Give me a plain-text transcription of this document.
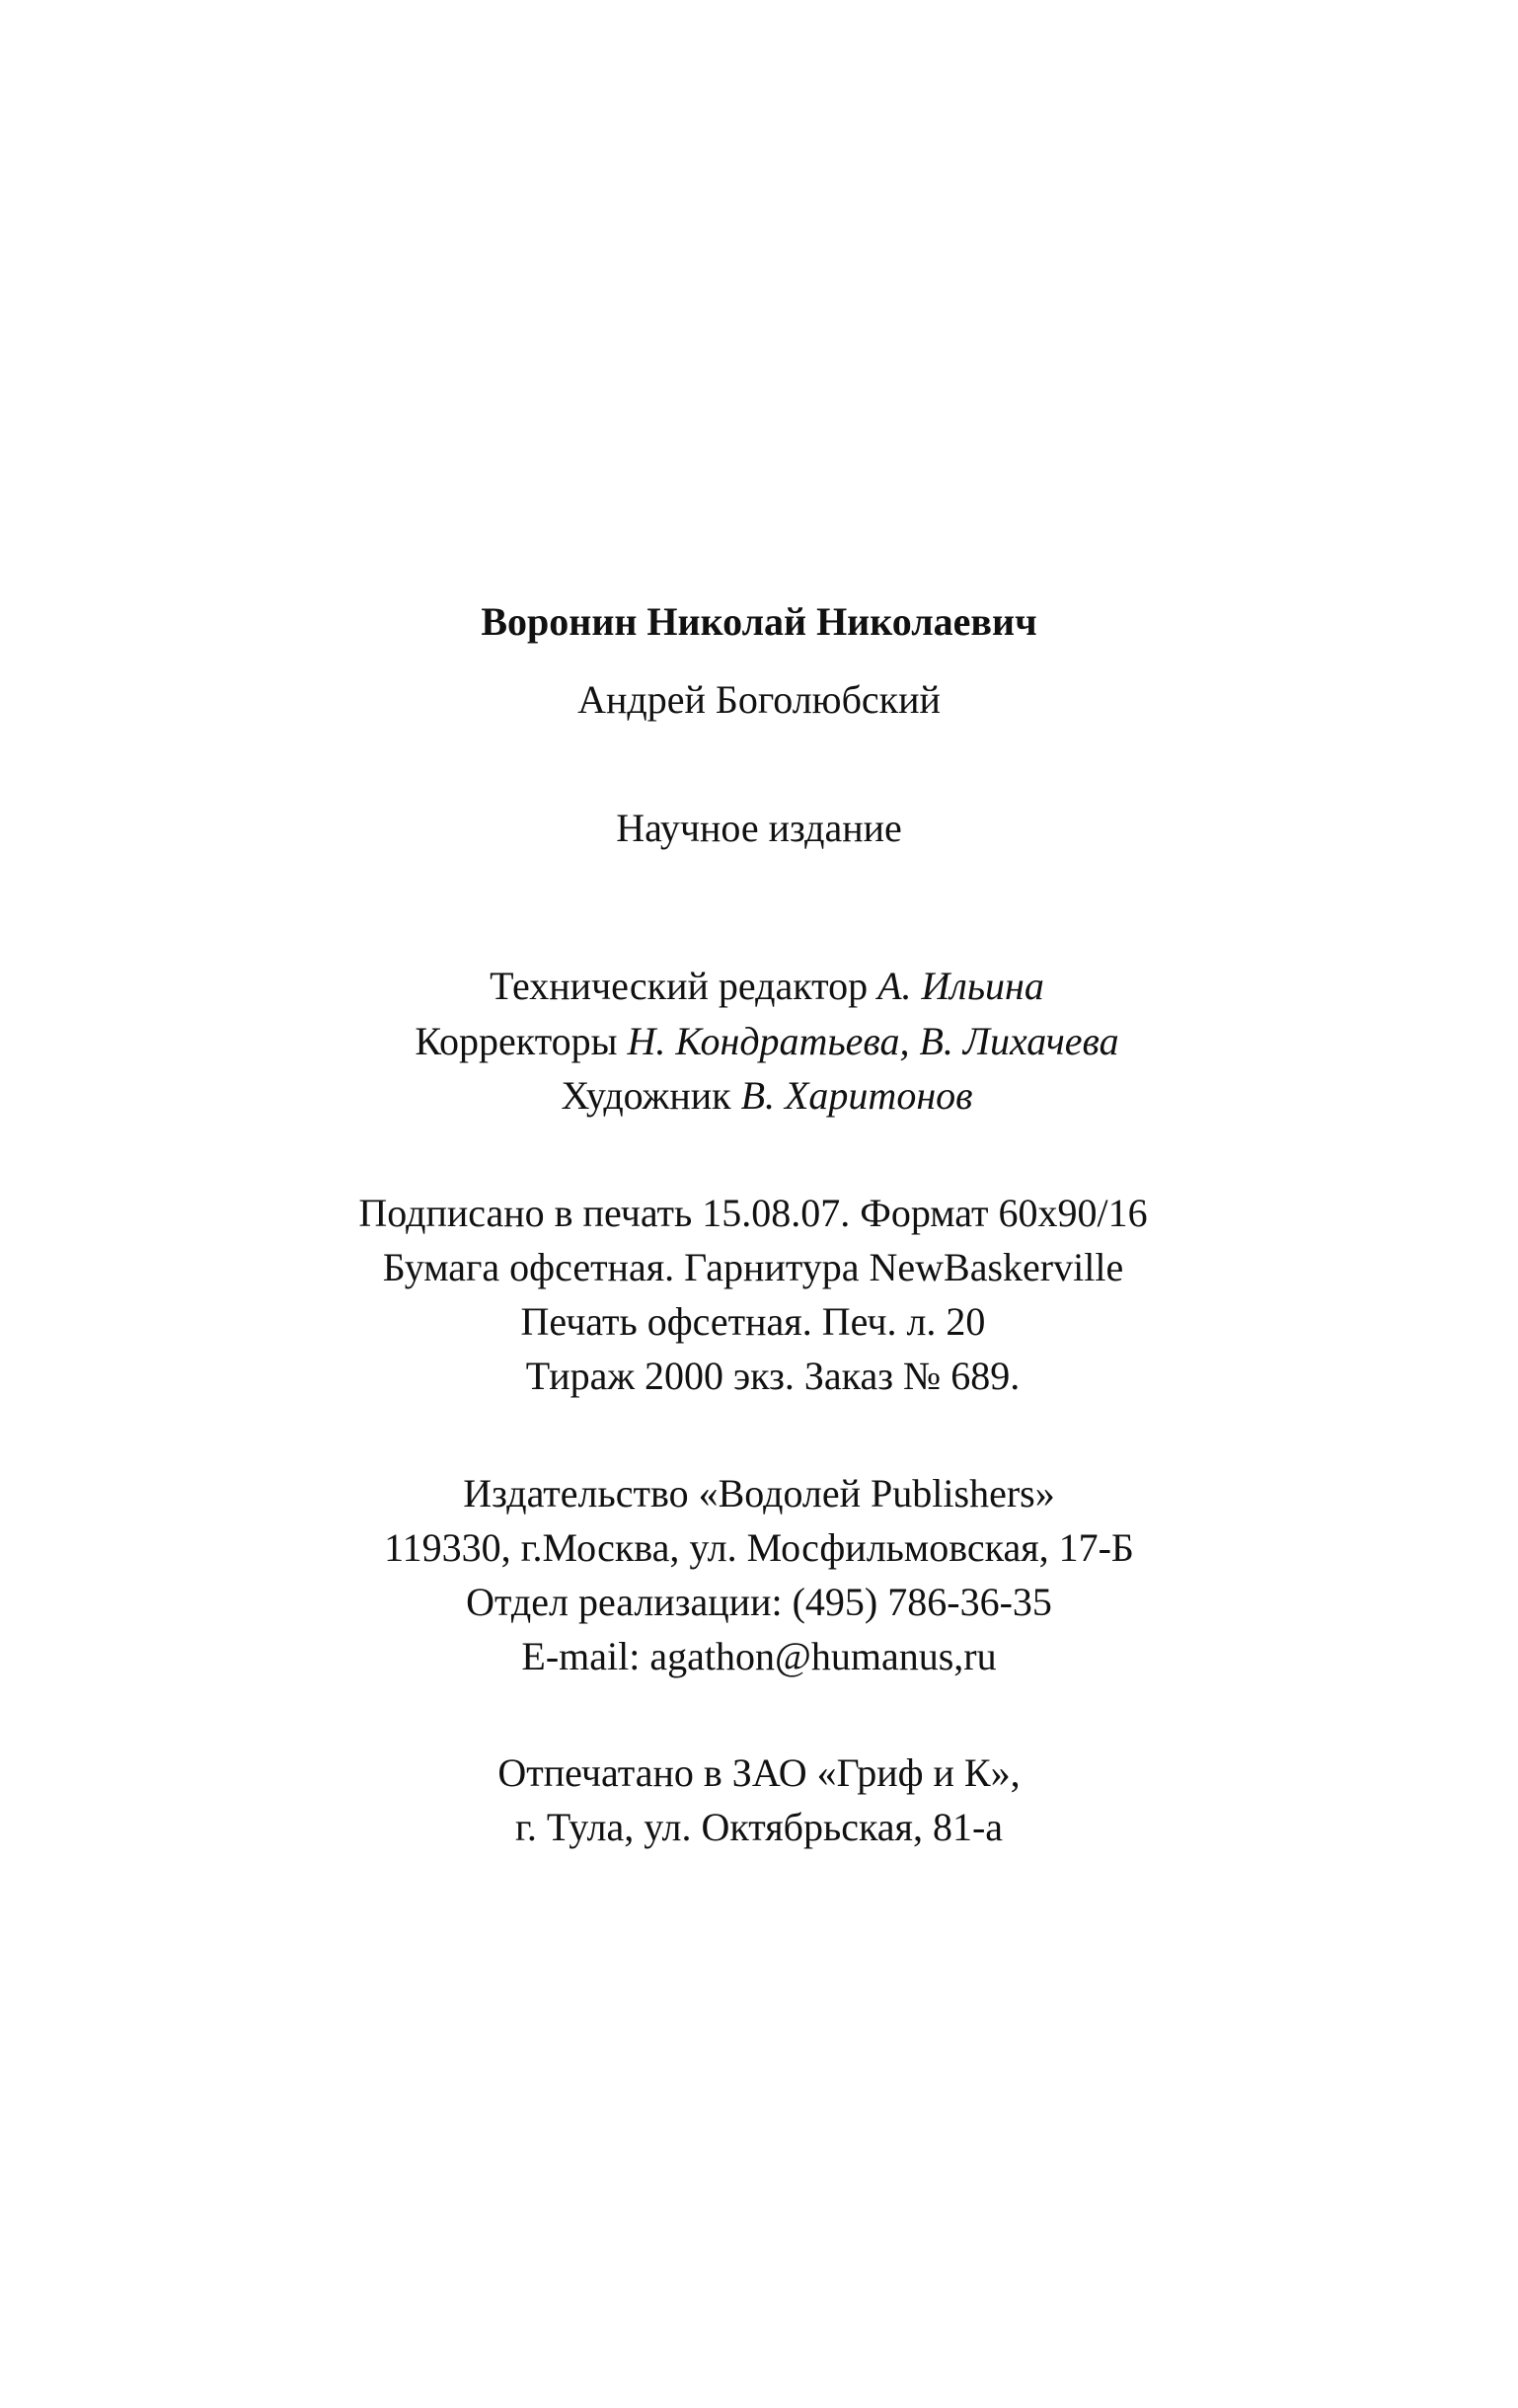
Воронин Николай Николаевич
Андрей Боголюбский
Научное издание
Технический редактор А. Ильина
Корректоры Н. Кондратьева, В. Лихачева
Художник В. Харитонов
Подписано в печать 15.08.07. Формат 60x90/16
Бумага офсетная. Гарнитура NewBaskerville
Печать офсетная. Печ. л. 20
Тираж 2000 экз. Заказ № 689.
Издательство «Водолей Publishers»
119330, г.Москва, ул. Мосфильмовская, 17-Б
Отдел реализации: (495) 786-36-35
E-mail: agathon@humanus,ru
Отпечатано в ЗАО «Гриф и К»,
г. Тула, ул. Октябрьская, 81-а
